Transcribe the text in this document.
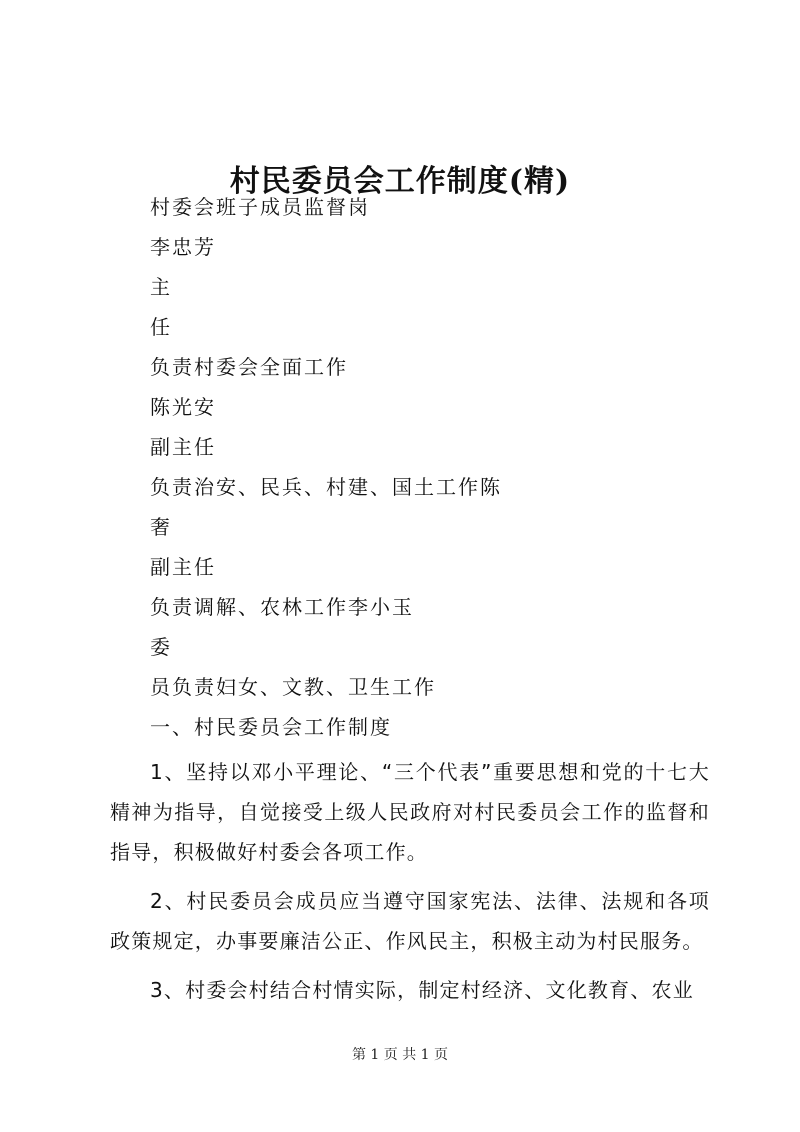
村民委员会工作制度(精)
村委会班子成员监督岗
李忠芳
主
任
负责村委会全面工作
陈光安
副主任
负责治安、民兵、村建、国土工作陈
奢
副主任
负责调解、农林工作李小玉
委
员负责妇女、文教、卫生工作
一、村民委员会工作制度

1、坚持以邓小平理论、“三个代表”重要思想和党的十七大精神为指导，自觉接受上级人民政府对村民委员会工作的监督和指导，积极做好村委会各项工作。

2、村民委员会成员应当遵守国家宪法、法律、法规和各项政策规定，办事要廉洁公正、作风民主，积极主动为村民服务。

3、村委会村结合村情实际，制定村经济、文化教育、农业

第 1 页 共 1 页
